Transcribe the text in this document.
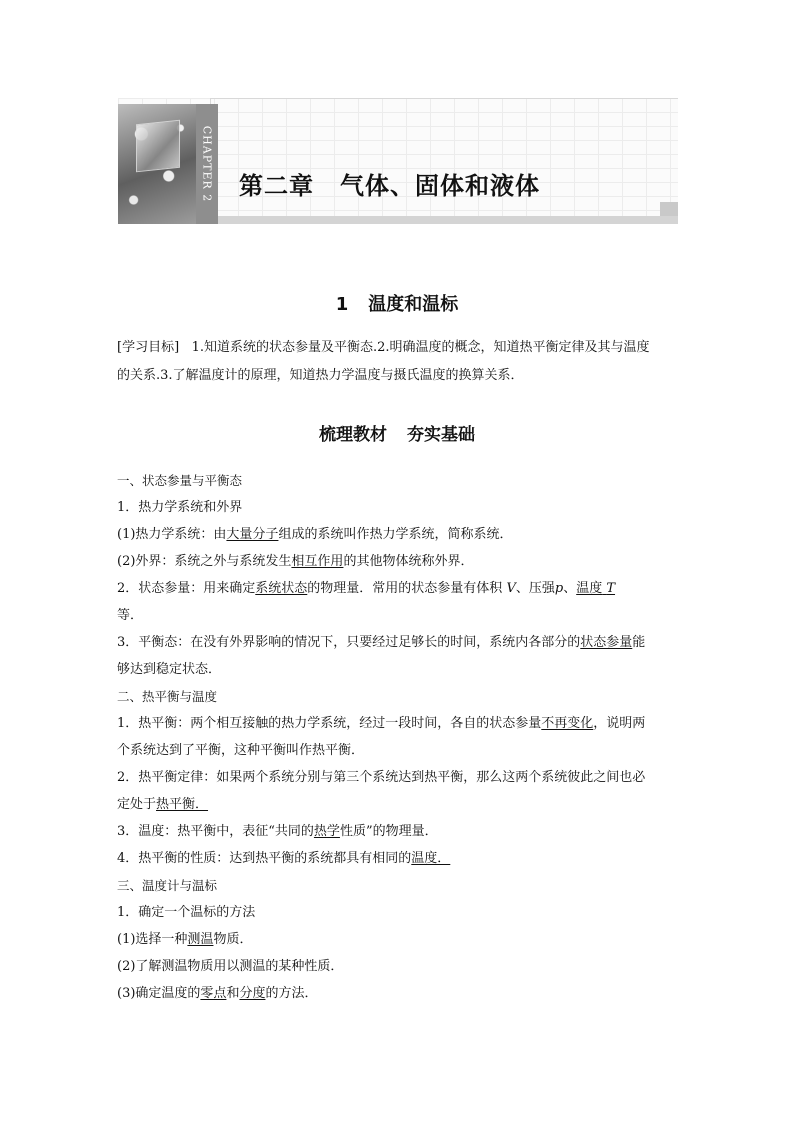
CHAPTER 2 第二章 气体、固体和液体
1 温度和温标
[学习目标] 1.知道系统的状态参量及平衡态.2.明确温度的概念，知道热平衡定律及其与温度
的关系.3.了解温度计的原理，知道热力学温度与摄氏温度的换算关系．
梳理教材 夯实基础
一、状态参量与平衡态
1．热力学系统和外界
(1)热力学系统：由大量分子组成的系统叫作热力学系统，简称系统．
(2)外界：系统之外与系统发生相互作用的其他物体统称外界．
2．状态参量：用来确定系统状态的物理量．常用的状态参量有体积 V、压强p、温度 T
等．
3．平衡态：在没有外界影响的情况下，只要经过足够长的时间，系统内各部分的状态参量能
够达到稳定状态．
二、热平衡与温度
1．热平衡：两个相互接触的热力学系统，经过一段时间，各自的状态参量不再变化，说明两
个系统达到了平衡，这种平衡叫作热平衡．
2．热平衡定律：如果两个系统分别与第三个系统达到热平衡，那么这两个系统彼此之间也必
定处于热平衡．
3．温度：热平衡中，表征“共同的热学性质”的物理量．
4．热平衡的性质：达到热平衡的系统都具有相同的温度．
三、温度计与温标
1．确定一个温标的方法
(1)选择一种测温物质．
(2)了解测温物质用以测温的某种性质．
(3)确定温度的零点和分度的方法．
